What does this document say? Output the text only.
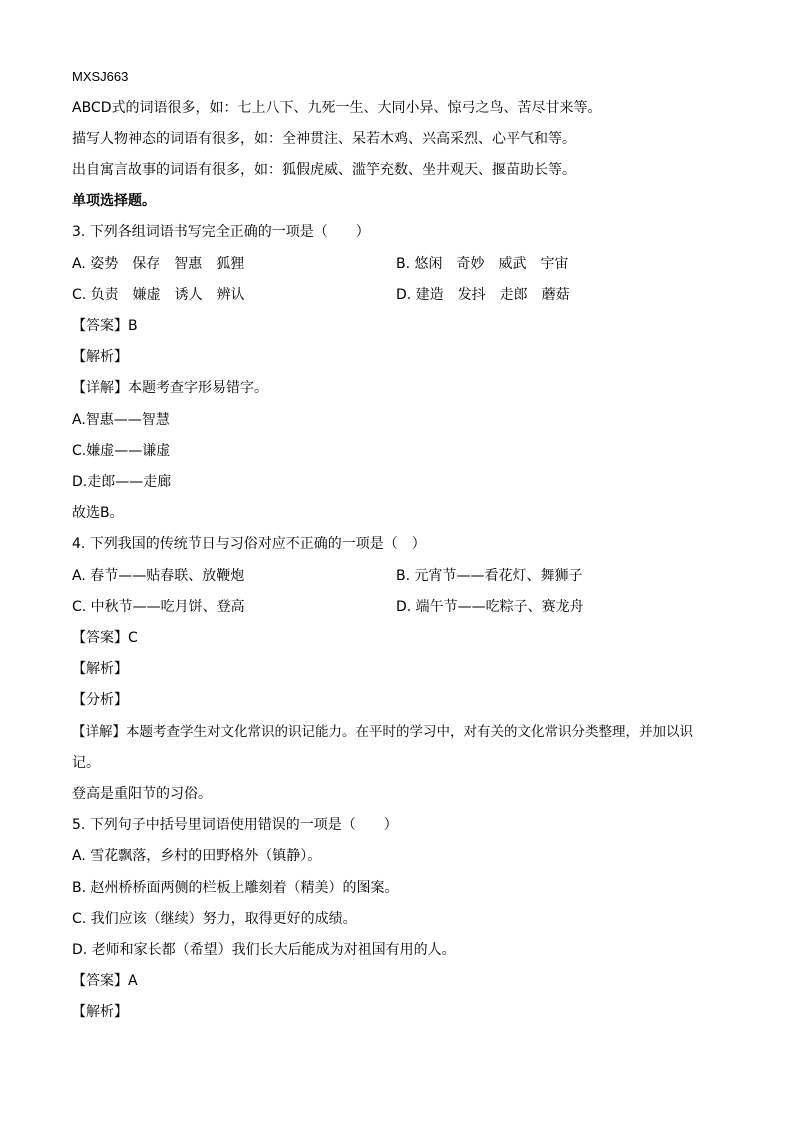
MXSJ663
ABCD式的词语很多，如：七上八下、九死一生、大同小异、惊弓之鸟、苦尽甘来等。
描写人物神态的词语有很多，如：全神贯注、呆若木鸡、兴高采烈、心平气和等。
出自寓言故事的词语有很多，如：狐假虎威、滥竽充数、坐井观天、揠苗助长等。
单项选择题。
3. 下列各组词语书写完全正确的一项是（　　）
A. 姿势　保存　智惠　狐狸	B. 悠闲　奇妙　威武　宇宙
C. 负责　嫌虚　诱人　辨认	D. 建造　发抖　走郎　蘑菇
【答案】B
【解析】
【详解】本题考查字形易错字。
A.智惠——智慧
C.嫌虚——谦虚
D.走郎——走廊
故选B。
4. 下列我国的传统节日与习俗对应不正确的一项是（　）
A. 春节——贴春联、放鞭炮	B. 元宵节——看花灯、舞狮子
C. 中秋节——吃月饼、登高	D. 端午节——吃粽子、赛龙舟
【答案】C
【解析】
【分析】
【详解】本题考查学生对文化常识的识记能力。在平时的学习中，对有关的文化常识分类整理，并加以识
记。
登高是重阳节的习俗。
5. 下列句子中括号里词语使用错误的一项是（　　）
A. 雪花飘落，乡村的田野格外（镇静）。
B. 赵州桥桥面两侧的栏板上雕刻着（精美）的图案。
C. 我们应该（继续）努力，取得更好的成绩。
D. 老师和家长都（希望）我们长大后能成为对祖国有用的人。
【答案】A
【解析】
